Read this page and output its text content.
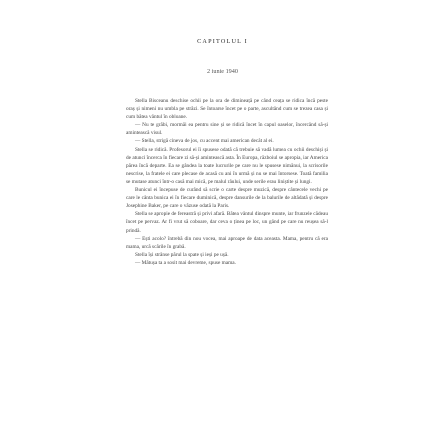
CAPITOLUL I
2 iunie 1940

Stella Bisceanu deschise ochii pe la ora de dimineață pe când ceața se ridica încă peste oraș și nimeni nu umbla pe străzi. Se întoarse încet pe o parte, ascultând cum se trezea casa și cum bătea vântul în obloane.

— Nu te grăbi, mormăi ea pentru sine și se ridică încet în capul oaselor, încercând să-și amintească visul.

— Stella, strigă cineva de jos, cu accent mai american decât al ei.

Stella se ridică. Profesorul ei îi spusese odată că trebuie să vadă lumea cu ochii deschiși și de atunci încerca în fiecare zi să-și amintească asta. În Europa, războiul se apropia, iar America părea încă departe. Ea se gândea la toate lucrurile pe care nu le spusese nimănui, la scrisorile nescrise, la fratele ei care plecase de acasă cu ani în urmă și nu se mai întorsese. Toată familia se mutase atunci într-o casă mai mică, pe malul râului, unde serile erau liniștite și lungi.

Bunicul ei începuse de curând să scrie o carte despre muzică, despre cântecele vechi pe care le cânta bunica ei în fiecare duminică, despre dansurile de la balurile de altădată și despre Josephine Baker, pe care o văzuse odată la Paris.

Stella se apropie de fereastră și privi afară. Bătea vântul dinspre munte, iar frunzele cădeau încet pe pervaz. Ar fi vrut să coboare, dar ceva o ținea pe loc, un gând pe care nu reușea să-l prindă.

— Ești acolo? întrebă din nou vocea, mai aproape de data aceasta. Mama, pentru că era mama, urcă scările în grabă.

Stella își strânse părul la spate și ieși pe ușă.

— Mătușa ta a sosit mai devreme, spuse mama.
